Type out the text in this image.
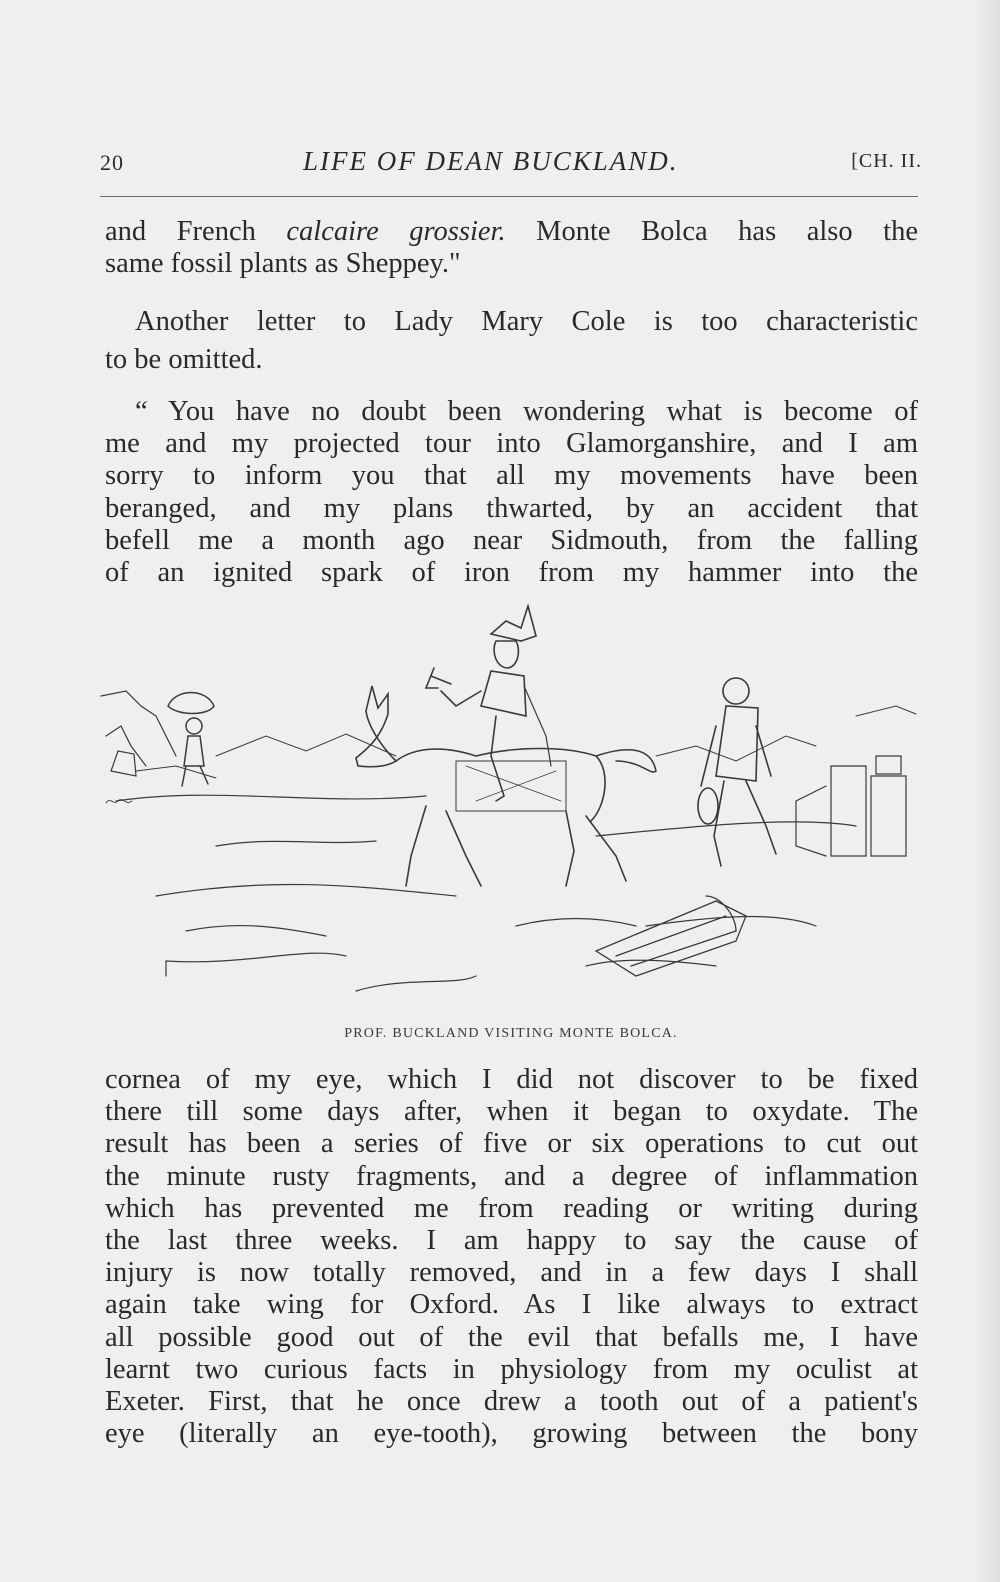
20	LIFE OF DEAN BUCKLAND.	[CH. II.
and French calcaire grossier. Monte Bolca has also the
same fossil plants as Sheppey."
Another letter to Lady Mary Cole is too characteristic
to be omitted.
“ You have no doubt been wondering what is become of
me and my projected tour into Glamorganshire, and I am
sorry to inform you that all my movements have been
beranged, and my plans thwarted, by an accident that
befell me a month ago near Sidmouth, from the falling
of an ignited spark of iron from my hammer into the
PROF. BUCKLAND VISITING MONTE BOLCA.
cornea of my eye, which I did not discover to be fixed
there till some days after, when it began to oxydate. The
result has been a series of five or six operations to cut out
the minute rusty fragments, and a degree of inflammation
which has prevented me from reading or writing during
the last three weeks. I am happy to say the cause of
injury is now totally removed, and in a few days I shall
again take wing for Oxford. As I like always to extract
all possible good out of the evil that befalls me, I have
learnt two curious facts in physiology from my oculist at
Exeter. First, that he once drew a tooth out of a patient's
eye (literally an eye-tooth), growing between the bony
